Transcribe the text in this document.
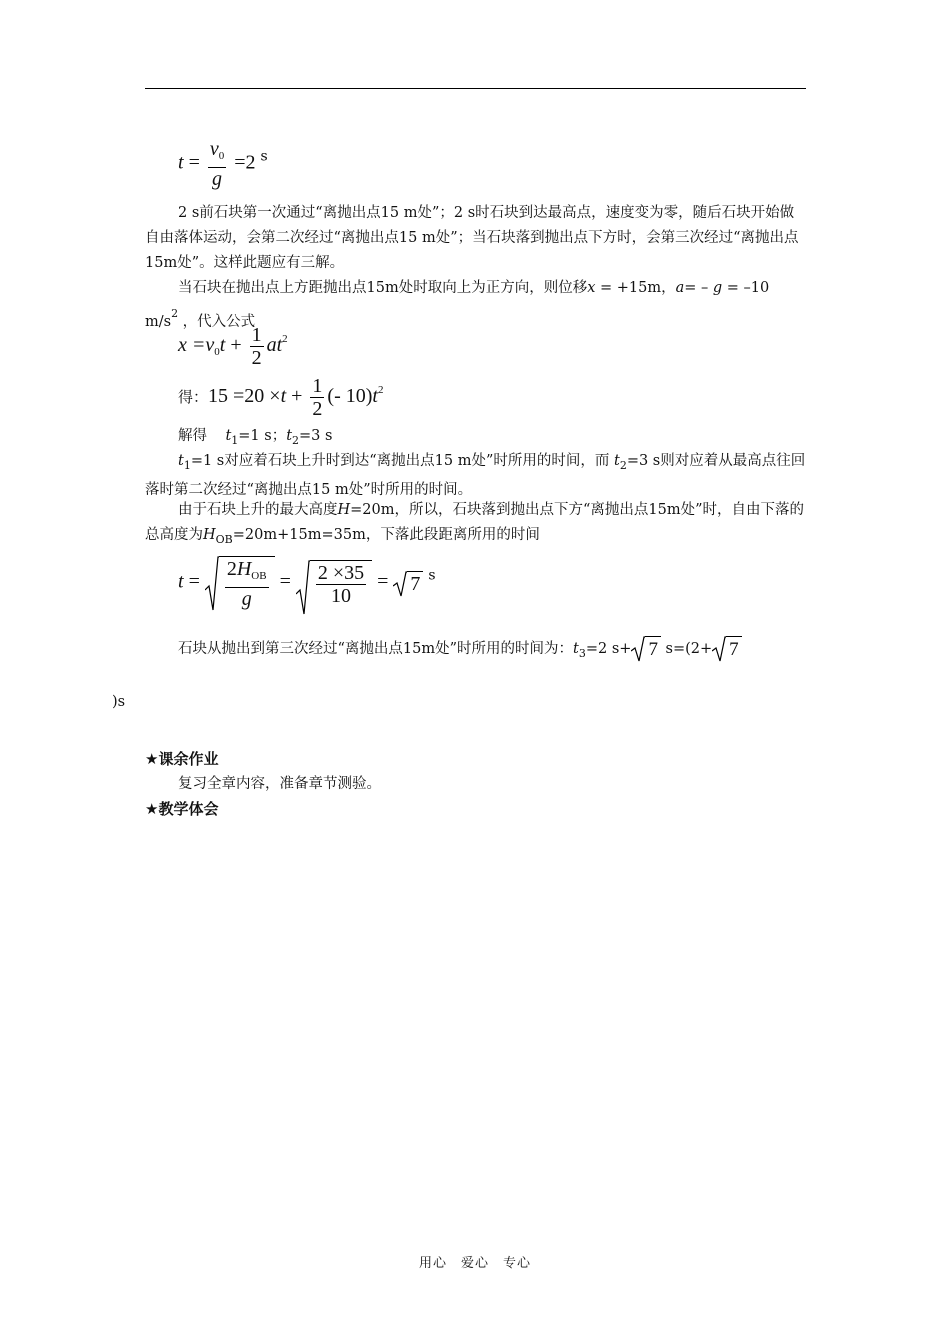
$t = \frac{v_0}{g} =2$ $^s$
2 s前石块第一次通过“离抛出点15 m处”；2 s时石块到达最高点，速度变为零，随后石块开始做自由落体运动，会第二次经过“离抛出点15 m处”；当石块落到抛出点下方时，会第三次经过“离抛出点15m处”。这样此题应有三解。
当石块在抛出点上方距抛出点15m处时取向上为正方向，则位移x = +15m，a= – g = –10 $m/s^2$ ，代入公式
$x =v_0t + \frac{1}{2} at^2$
得：$15 =20 \times t + \frac{1}{2}$ (- $10)t^2$
解得 $t_1=1$ s；$t_2=3$ s
$t_1=1$ s对应着石块上升时到达“离抛出点15 m处”时所用的时间，而 $t_2=3$ s则对应着从最高点往回落时第二次经过“离抛出点15 m处”时所用的时间。
由于石块上升的最大高度H=20m，所以，石块落到抛出点下方“离抛出点15m处”时，自由下落的总高度为$H_{OB}=20m+15m=35m$，下落此段距离所用的时间
$t = \frac{2H_{OB}}{g} = \frac{2 \times 35}{10} = 7$ $^s$
石块从抛出到第三次经过“离抛出点15m处”时所用的时间为：$t_3=2$ s+ 7 s=(2+ 7
)s
★课余作业
复习全章内容，准备章节测验。
★教学体会
用心　爱心　专心
